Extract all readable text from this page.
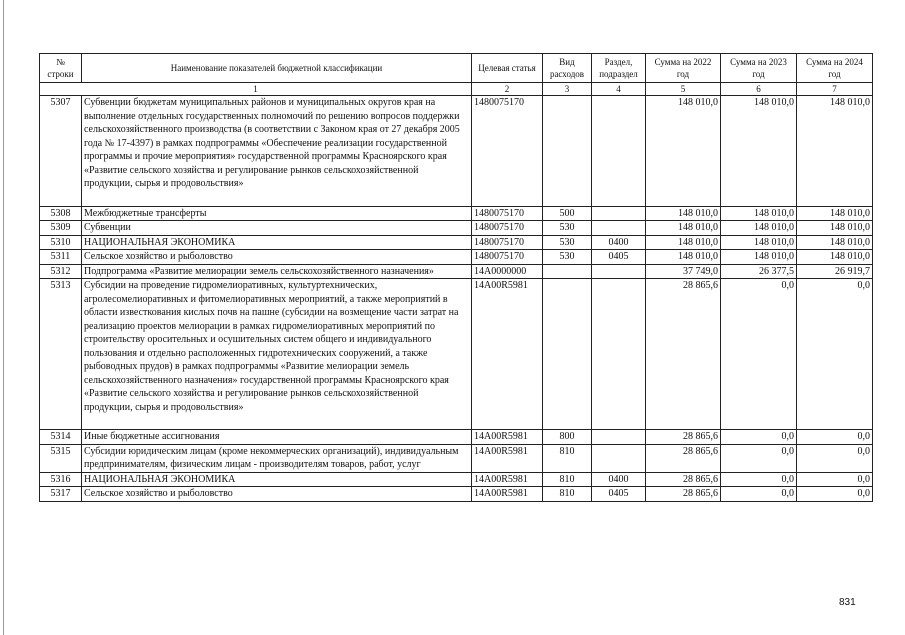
№ строки	Наименование показателей бюджетной классификации	Целевая статья	Вид расходов	Раздел, подраздел	Сумма на 2022 год	Сумма на 2023 год	Сумма на 2024 год
1		2	3	4	5	6	7
5307	Субвенции бюджетам муниципальных районов и муниципальных округов края на выполнение отдельных государственных полномочий по решению вопросов поддержки сельскохозяйственного производства (в соответствии с Законом края от 27 декабря 2005 года № 17-4397) в рамках подпрограммы «Обеспечение реализации государственной программы и прочие мероприятия» государственной программы Красноярского края «Развитие сельского хозяйства и регулирование рынков сельскохозяйственной продукции, сырья и продовольствия»	1480075170			148 010,0	148 010,0	148 010,0
5308	Межбюджетные трансферты	1480075170	500		148 010,0	148 010,0	148 010,0
5309	Субвенции	1480075170	530		148 010,0	148 010,0	148 010,0
5310	НАЦИОНАЛЬНАЯ ЭКОНОМИКА	1480075170	530	0400	148 010,0	148 010,0	148 010,0
5311	Сельское хозяйство и рыболовство	1480075170	530	0405	148 010,0	148 010,0	148 010,0
5312	Подпрограмма «Развитие мелиорации земель сельскохозяйственного назначения»	14А0000000			37 749,0	26 377,5	26 919,7
5313	Субсидии на проведение гидромелиоративных, культуртехнических, агролесомелиоративных и фитомелиоративных мероприятий, а также мероприятий в области известкования кислых почв на пашне (субсидии на возмещение части затрат на реализацию проектов мелиорации в рамках гидромелиоративных мероприятий по строительству оросительных и осушительных систем общего и индивидуального пользования и отдельно расположенных гидротехнических сооружений, а также рыбоводных прудов) в рамках подпрограммы «Развитие мелиорации земель сельскохозяйственного назначения» государственной программы Красноярского края «Развитие сельского хозяйства и регулирование рынков сельскохозяйственной продукции, сырья и продовольствия»	14А00R5981			28 865,6	0,0	0,0
5314	Иные бюджетные ассигнования	14А00R5981	800		28 865,6	0,0	0,0
5315	Субсидии юридическим лицам (кроме некоммерческих организаций), индивидуальным предпринимателям, физическим лицам - производителям товаров, работ, услуг	14А00R5981	810		28 865,6	0,0	0,0
5316	НАЦИОНАЛЬНАЯ ЭКОНОМИКА	14А00R5981	810	0400	28 865,6	0,0	0,0
5317	Сельское хозяйство и рыболовство	14А00R5981	810	0405	28 865,6	0,0	0,0
831
